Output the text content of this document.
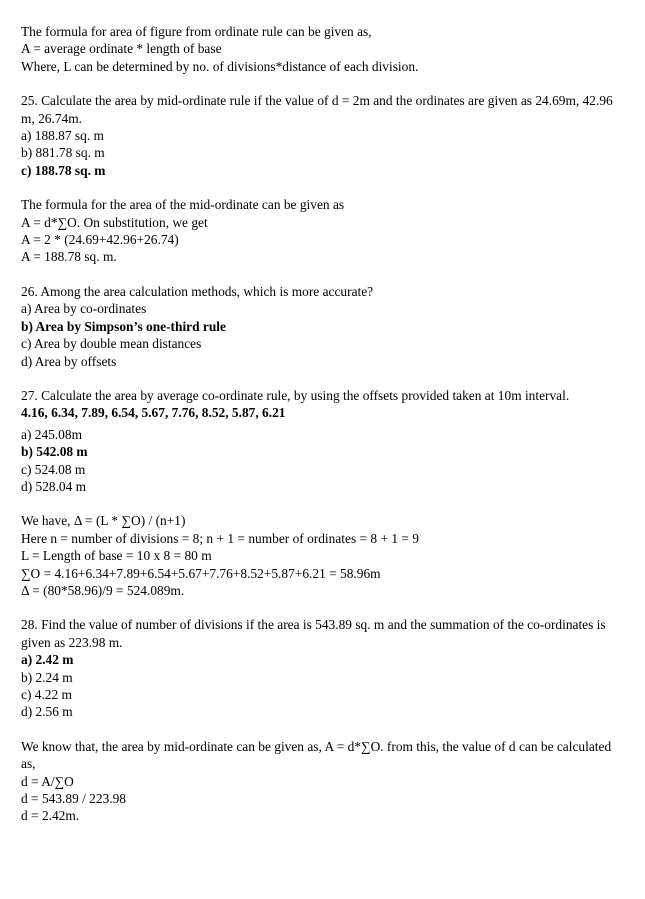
The formula for area of figure from ordinate rule can be given as,
A = average ordinate * length of base
Where, L can be determined by no. of divisions*distance of each division.
25. Calculate the area by mid-ordinate rule if the value of d = 2m and the ordinates are given as 24.69m, 42.96 m, 26.74m.
a) 188.87 sq. m
b) 881.78 sq. m
c) 188.78 sq. m
The formula for the area of the mid-ordinate can be given as
A = d*∑O. On substitution, we get
A = 2 * (24.69+42.96+26.74)
A = 188.78 sq. m.
26. Among the area calculation methods, which is more accurate?
a) Area by co-ordinates
b) Area by Simpson’s one-third rule
c) Area by double mean distances
d) Area by offsets
27. Calculate the area by average co-ordinate rule, by using the offsets provided taken at 10m interval.
4.16, 6.34, 7.89, 6.54, 5.67, 7.76, 8.52, 5.87, 6.21
a) 245.08m
b) 542.08 m
c) 524.08 m
d) 528.04 m
We have, Δ = (L * ∑O) / (n+1)
Here n = number of divisions = 8; n + 1 = number of ordinates = 8 + 1 = 9
L = Length of base = 10 x 8 = 80 m
∑O = 4.16+6.34+7.89+6.54+5.67+7.76+8.52+5.87+6.21 = 58.96m
Δ = (80*58.96)/9 = 524.089m.
28. Find the value of number of divisions if the area is 543.89 sq. m and the summation of the co-ordinates is given as 223.98 m.
a) 2.42 m
b) 2.24 m
c) 4.22 m
d) 2.56 m
We know that, the area by mid-ordinate can be given as, A = d*∑O. from this, the value of d can be calculated as,
d = A/∑O
d = 543.89 / 223.98
d = 2.42m.
